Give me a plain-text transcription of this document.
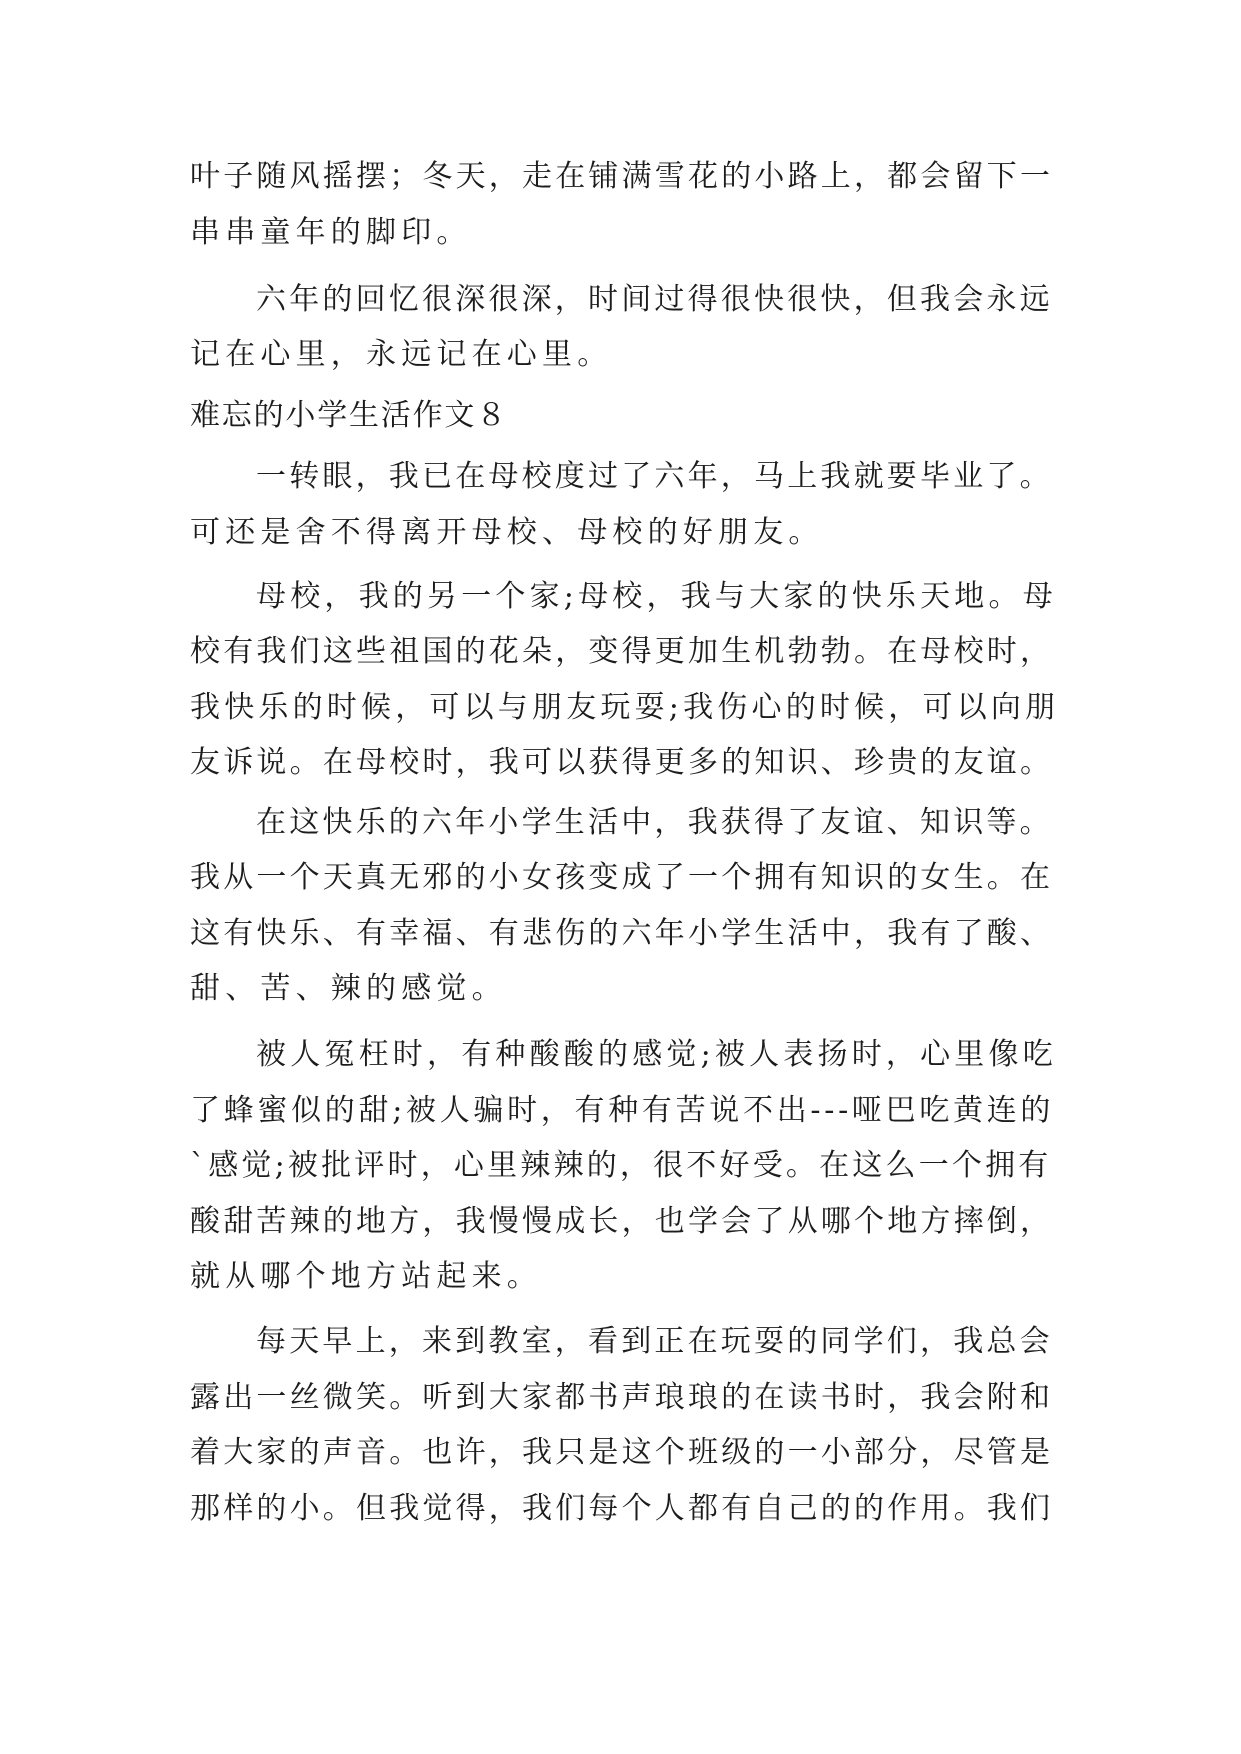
叶子随风摇摆；冬天，走在铺满雪花的小路上，都会留下一

串串童年的脚印。

六年的回忆很深很深，时间过得很快很快，但我会永远

记在心里，永远记在心里。

难忘的小学生活作文８

一转眼，我已在母校度过了六年，马上我就要毕业了。

可还是舍不得离开母校、母校的好朋友。

母校，我的另一个家;母校，我与大家的快乐天地。母

校有我们这些祖国的花朵，变得更加生机勃勃。在母校时，

我快乐的时候，可以与朋友玩耍;我伤心的时候，可以向朋

友诉说。在母校时，我可以获得更多的知识、珍贵的友谊。

在这快乐的六年小学生活中，我获得了友谊、知识等。

我从一个天真无邪的小女孩变成了一个拥有知识的女生。在

这有快乐、有幸福、有悲伤的六年小学生活中，我有了酸、

甜、苦、辣的感觉。

被人冤枉时，有种酸酸的感觉;被人表扬时，心里像吃

了蜂蜜似的甜;被人骗时，有种有苦说不出---哑巴吃黄连的

`感觉;被批评时，心里辣辣的，很不好受。在这么一个拥有

酸甜苦辣的地方，我慢慢成长，也学会了从哪个地方摔倒，

就从哪个地方站起来。

每天早上，来到教室，看到正在玩耍的同学们，我总会

露出一丝微笑。听到大家都书声琅琅的在读书时，我会附和

着大家的声音。也许，我只是这个班级的一小部分，尽管是

那样的小。但我觉得，我们每个人都有自己的的作用。我们
